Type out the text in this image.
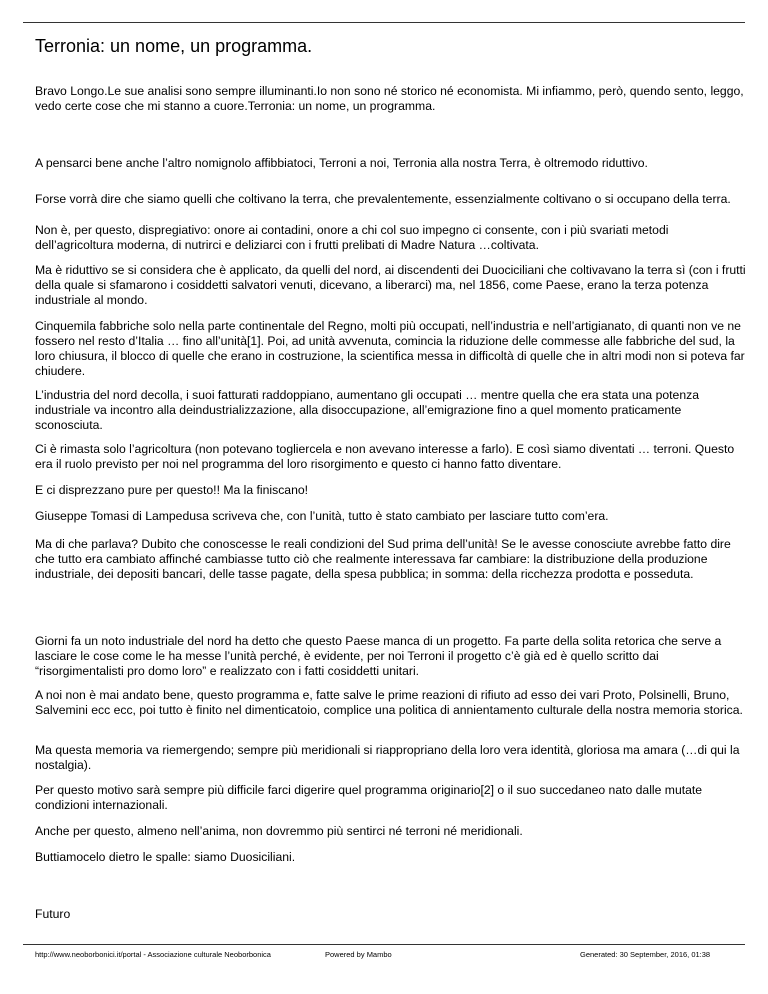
Terronia: un nome, un programma.

Bravo Longo.Le sue analisi sono sempre illuminanti.Io non sono né storico né economista. Mi infiammo, però, quendo sento, leggo, vedo certe cose che mi stanno a cuore.Terronia: un nome, un programma.

A pensarci bene anche l’altro nomignolo affibbiatoci, Terroni a noi, Terronia alla nostra Terra, è oltremodo riduttivo.

Forse vorrà dire che siamo quelli che coltivano la terra, che prevalentemente, essenzialmente coltivano o si occupano della terra.

Non è, per questo, dispregiativo: onore ai contadini, onore a chi col suo impegno ci consente, con i più svariati metodi dell’agricoltura moderna, di nutrirci e deliziarci con i frutti prelibati di Madre Natura …coltivata.

Ma è riduttivo se si considera che è applicato, da quelli del nord, ai discendenti dei Duociciliani che coltivavano la terra sì (con i frutti della quale si sfamarono i cosiddetti salvatori venuti, dicevano, a liberarci) ma, nel 1856, come Paese, erano la terza potenza industriale al mondo.

Cinquemila fabbriche solo nella parte continentale del Regno, molti più occupati, nell’industria e nell’artigianato, di quanti non ve ne fossero nel resto d’Italia … fino all’unità[1]. Poi, ad unità avvenuta, comincia la riduzione delle commesse alle fabbriche del sud, la loro chiusura, il blocco di quelle che erano in costruzione, la scientifica messa in difficoltà di quelle che in altri modi non si poteva far chiudere.

L’industria del nord decolla, i suoi fatturati raddoppiano, aumentano gli occupati … mentre quella che era stata una potenza industriale va incontro alla deindustrializzazione, alla disoccupazione, all’emigrazione fino a quel momento praticamente sconosciuta.

Ci è rimasta solo l’agricoltura (non potevano togliercela e non avevano interesse a farlo). E così siamo diventati … terroni. Questo era il ruolo previsto per noi nel programma del loro risorgimento e questo ci hanno fatto diventare.

E ci disprezzano pure per questo!! Ma la finiscano!

Giuseppe Tomasi di Lampedusa scriveva che, con l’unità, tutto è stato cambiato per lasciare tutto com’era.

Ma di che parlava? Dubito che conoscesse le reali condizioni del Sud prima dell’unità! Se le avesse conosciute avrebbe fatto dire che tutto era cambiato affinché cambiasse tutto ciò che realmente interessava far cambiare: la distribuzione della produzione industriale, dei depositi bancari, delle tasse pagate, della spesa pubblica; in somma: della ricchezza prodotta e posseduta.

Giorni fa un noto industriale del nord ha detto che questo Paese manca di un progetto. Fa parte della solita retorica che serve a lasciare le cose come le ha messe l’unità perché, è evidente, per noi Terroni il progetto c’è già ed è quello scritto dai “risorgimentalisti pro domo loro” e realizzato con i fatti cosiddetti unitari.

A noi non è mai andato bene, questo programma e, fatte salve le prime reazioni di rifiuto ad esso dei vari Proto, Polsinelli, Bruno, Salvemini ecc ecc, poi tutto è finito nel dimenticatoio, complice una politica di annientamento culturale della nostra memoria storica.

Ma questa memoria va riemergendo; sempre più meridionali si riappropriano della loro vera identità, gloriosa ma amara (…di qui la nostalgia).

Per questo motivo sarà sempre più difficile farci digerire quel programma originario[2] o il suo succedaneo nato dalle mutate condizioni internazionali.

Anche per questo, almeno nell’anima, non dovremmo più sentirci né terroni né meridionali.

Buttiamocelo dietro le spalle: siamo Duosiciliani.

Futuro

http://www.neoborbonici.it/portal - Associazione culturale Neoborbonica	Powered by Mambo	Generated: 30 September, 2016, 01:38
